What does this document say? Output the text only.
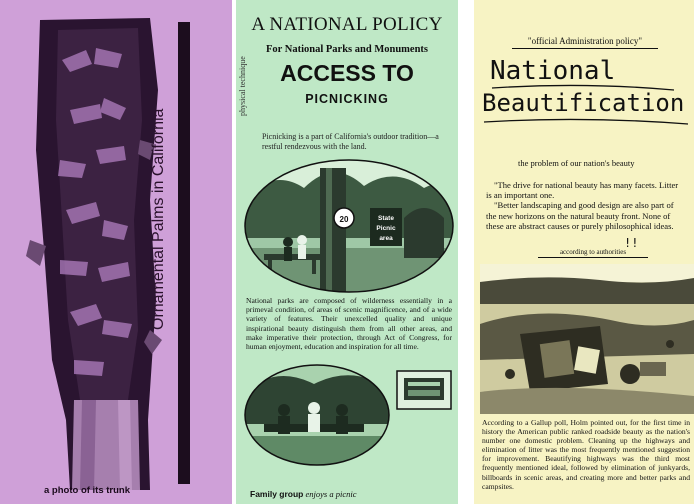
Ornamental Palms in California
a photo of its trunk
A NATIONAL POLICY
For National Parks and Monuments
ACCESS TO
PICNICKING
physical technique
Picnicking is a part of California's outdoor tradition—a restful rendezvous with the land.
20	State
Picnic
area
National parks are composed of wilderness essentially in a primeval condition, of areas of scenic magnificence, and of a wide variety of features. Their unexcelled quality and unique inspirational beauty distinguish them from all other areas, and make imperative their protection, through Act of Congress, for human enjoyment, education and inspiration for all time.
Family group enjoys a picnic
"official Administration policy"
National
Beautification
the problem of our nation's beauty

"The drive for national beauty has many facets. Litter is an important one.

"Better landscaping and good design are also part of the new horizons on the natural beauty front. None of these are abstract causes or purely philosophical ideas.

according to authorities
!!
According to a Gallup poll, Holm pointed out, for the first time in history the American public ranked roadside beauty as the nation's number one domestic problem. Cleaning up the highways and elimination of litter was the most frequently mentioned suggestion for improvement. Beautifying highways was the third most frequently mentioned ideal, followed by elimination of junkyards, billboards in scenic areas, and creating more and better parks and campsites.
